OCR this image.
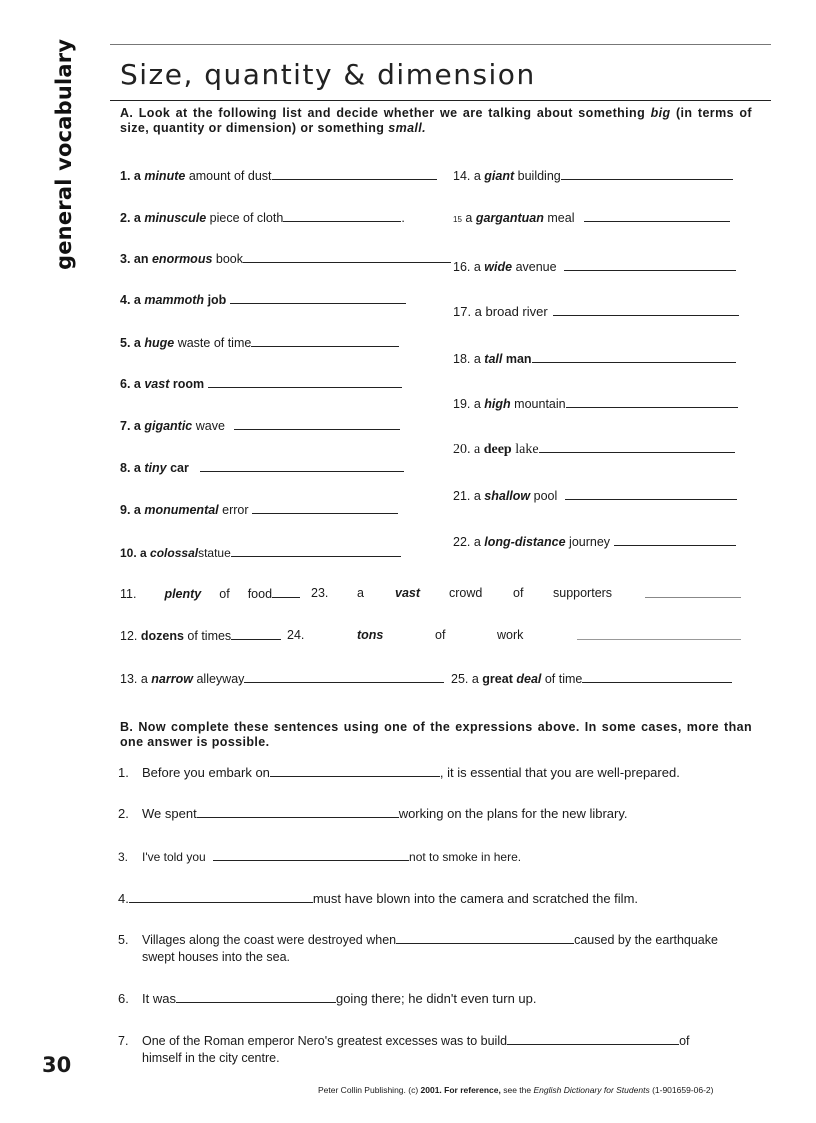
general vocabulary
30
Size, quantity & dimension
A. Look at the following list and decide whether we are talking about something big (in terms of size, quantity or dimension) or something small.
1. a minute amount of dust
2. a minuscule piece of cloth	.
3. an enormous book
4. a mammoth job
5. a huge waste of time
6. a vast room
7. a gigantic wave
8. a tiny car
9. a monumental error
10. a colossalstatue
14. a giant building
15 a gargantuan meal
16. a wide avenue
17. a broad river
18. a tall man
19. a high mountain
20. a deep lake
21. a shallow pool
22. a long-distance journey
11. plenty of food	23. a vast crowd of supporters
12. dozens of times	24.	tons	of	work
13. a narrow alleyway	25. a great deal of time
B. Now complete these sentences using one of the expressions above. In some cases, more than one answer is possible.
1. Before you embark on	, it is essential that you are well-prepared.
2. We spent	working on the plans for the new library.
3. I've told you	not to smoke in here.
4.	must have blown into the camera and scratched the film.
5. Villages along the coast were destroyed when	caused by the earthquake
swept houses into the sea.
6. It was	going there; he didn't even turn up.
7. One of the Roman emperor Nero's greatest excesses was to build	of
himself in the city centre.
Peter Collin Publishing. (c) 2001. For reference, see the English Dictionary for Students (1-901659-06-2)
